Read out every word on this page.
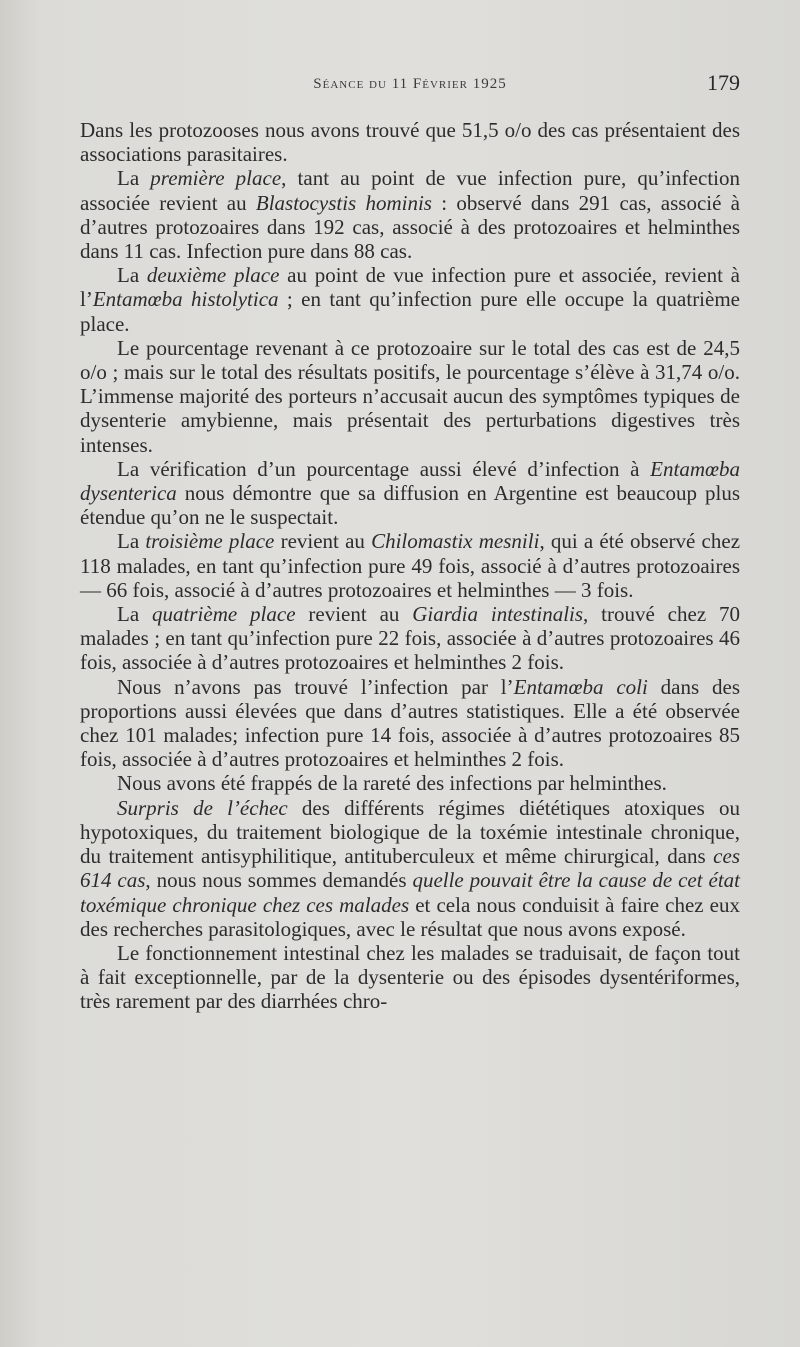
Séance du 11 Février 1925	179

Dans les protozooses nous avons trouvé que 51,5 o/o des cas présentaient des associations parasitaires.

La première place, tant au point de vue infection pure, qu’infection associée revient au Blastocystis hominis : observé dans 291 cas, associé à d’autres protozoaires dans 192 cas, associé à des protozoaires et helminthes dans 11 cas. Infection pure dans 88 cas.

La deuxième place au point de vue infection pure et associée, revient à l’Entamœba histolytica ; en tant qu’infection pure elle occupe la quatrième place.

Le pourcentage revenant à ce protozoaire sur le total des cas est de 24,5 o/o ; mais sur le total des résultats positifs, le pourcentage s’élève à 31,74 o/o. L’immense majorité des porteurs n’accusait aucun des symptômes typiques de dysenterie amybienne, mais présentait des perturbations digestives très intenses.

La vérification d’un pourcentage aussi élevé d’infection à Entamœba dysenterica nous démontre que sa diffusion en Argentine est beaucoup plus étendue qu’on ne le suspectait.

La troisième place revient au Chilomastix mesnili, qui a été observé chez 118 malades, en tant qu’infection pure 49 fois, associé à d’autres protozoaires — 66 fois, associé à d’autres protozoaires et helminthes — 3 fois.

La quatrième place revient au Giardia intestinalis, trouvé chez 70 malades ; en tant qu’infection pure 22 fois, associée à d’autres protozoaires 46 fois, associée à d’autres protozoaires et helminthes 2 fois.

Nous n’avons pas trouvé l’infection par l’Entamœba coli dans des proportions aussi élevées que dans d’autres statistiques. Elle a été observée chez 101 malades; infection pure 14 fois, associée à d’autres protozoaires 85 fois, associée à d’autres protozoaires et helminthes 2 fois.

Nous avons été frappés de la rareté des infections par helminthes.

Surpris de l’échec des différents régimes diététiques atoxiques ou hypotoxiques, du traitement biologique de la toxémie intestinale chronique, du traitement antisyphilitique, antituberculeux et même chirurgical, dans ces 614 cas, nous nous sommes demandés quelle pouvait être la cause de cet état toxémique chronique chez ces malades et cela nous conduisit à faire chez eux des recherches parasitologiques, avec le résultat que nous avons exposé.

Le fonctionnement intestinal chez les malades se traduisait, de façon tout à fait exceptionnelle, par de la dysenterie ou des épisodes dysentériformes, très rarement par des diarrhées chro-
